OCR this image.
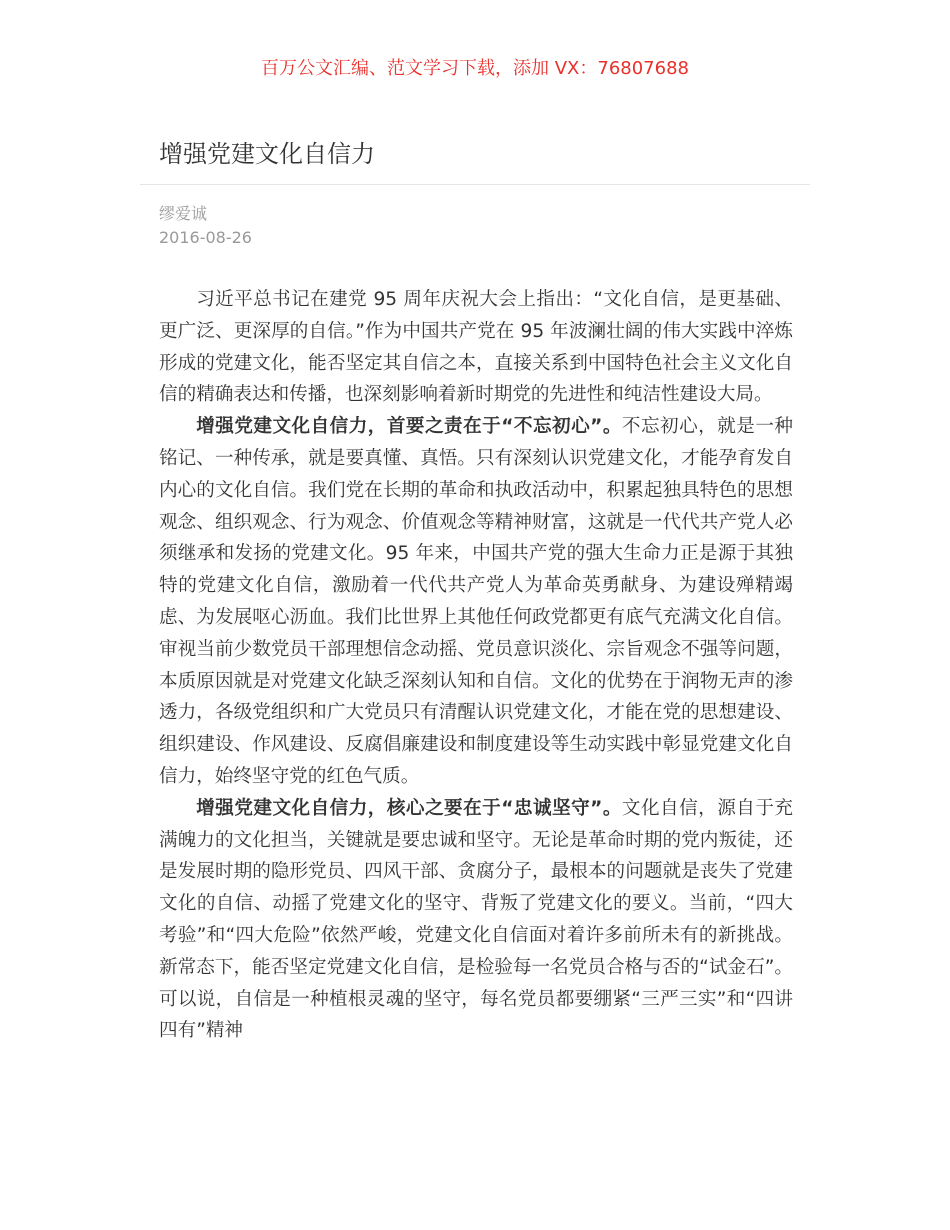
百万公文汇编、范文学习下载，添加 VX：76807688
增强党建文化自信力
缪爱诚
2016-08-26

习近平总书记在建党 95 周年庆祝大会上指出：“文化自信，是更基础、更广泛、更深厚的自信。”作为中国共产党在 95 年波澜壮阔的伟大实践中淬炼形成的党建文化，能否坚定其自信之本，直接关系到中国特色社会主义文化自信的精确表达和传播，也深刻影响着新时期党的先进性和纯洁性建设大局。

增强党建文化自信力，首要之责在于“不忘初心”。不忘初心，就是一种铭记、一种传承，就是要真懂、真悟。只有深刻认识党建文化，才能孕育发自内心的文化自信。我们党在长期的革命和执政活动中，积累起独具特色的思想观念、组织观念、行为观念、价值观念等精神财富，这就是一代代共产党人必须继承和发扬的党建文化。95 年来，中国共产党的强大生命力正是源于其独特的党建文化自信，激励着一代代共产党人为革命英勇献身、为建设殚精竭虑、为发展呕心沥血。我们比世界上其他任何政党都更有底气充满文化自信。审视当前少数党员干部理想信念动摇、党员意识淡化、宗旨观念不强等问题，本质原因就是对党建文化缺乏深刻认知和自信。文化的优势在于润物无声的渗透力，各级党组织和广大党员只有清醒认识党建文化，才能在党的思想建设、组织建设、作风建设、反腐倡廉建设和制度建设等生动实践中彰显党建文化自信力，始终坚守党的红色气质。

增强党建文化自信力，核心之要在于“忠诚坚守”。文化自信，源自于充满魄力的文化担当，关键就是要忠诚和坚守。无论是革命时期的党内叛徒，还是发展时期的隐形党员、四风干部、贪腐分子，最根本的问题就是丧失了党建文化的自信、动摇了党建文化的坚守、背叛了党建文化的要义。当前，“四大考验”和“四大危险”依然严峻，党建文化自信面对着许多前所未有的新挑战。新常态下，能否坚定党建文化自信，是检验每一名党员合格与否的“试金石”。可以说，自信是一种植根灵魂的坚守，每名党员都要绷紧“三严三实”和“四讲四有”精神
